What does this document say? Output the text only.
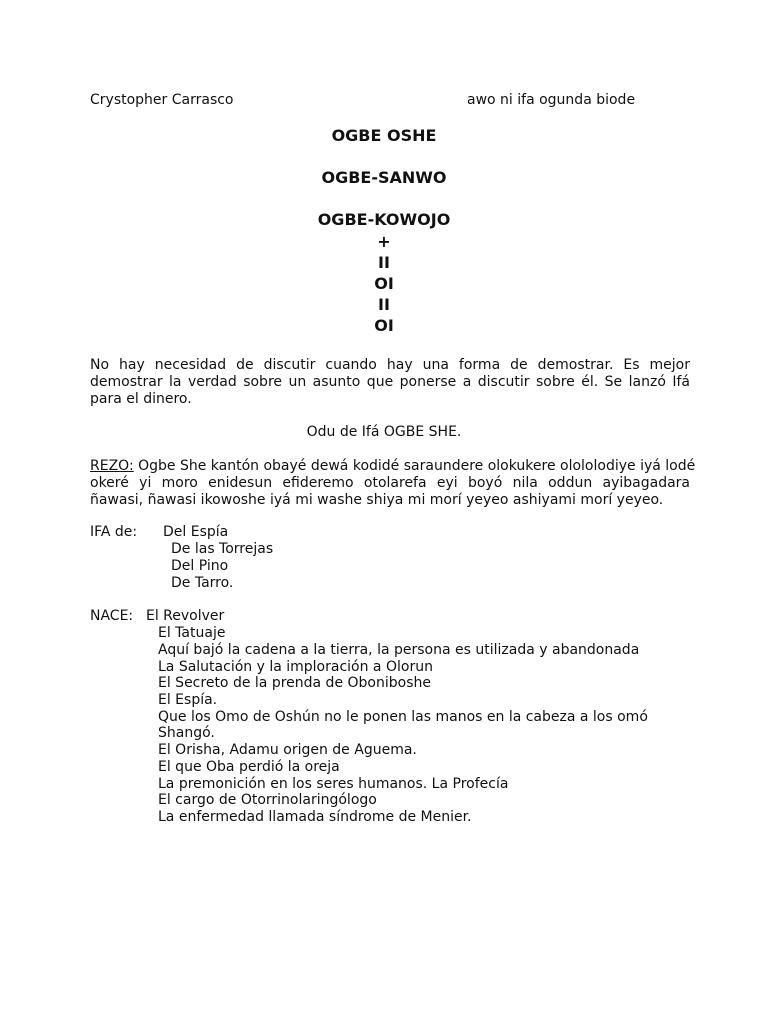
Crystopher Carrasco	awo ni ifa ogunda biode
OGBE OSHE
OGBE-SANWO
OGBE-KOWOJO
+
II
OI
II
OI
No hay necesidad de discutir cuando hay una forma de demostrar. Es mejor
demostrar la verdad sobre un asunto que ponerse a discutir sobre él. Se lanzó Ifá
para el dinero.
Odu de Ifá OGBE SHE.
REZO: Ogbe She kantón obayé dewá kodidé saraundere olokukere olololodiye iyá lodé
okeré yi moro enidesun efideremo otolarefa eyi boyó nila oddun ayibagadara
ñawasi, ñawasi ikowoshe iyá mi washe shiya mi morí yeyeo ashiyami morí yeyeo.
IFA de: Del Espía
De las Torrejas
Del Pino
De Tarro.
NACE: El Revolver
El Tatuaje
Aquí bajó la cadena a la tierra, la persona es utilizada y abandonada
La Salutación y la imploración a Olorun
El Secreto de la prenda de Oboniboshe
El Espía.
Que los Omo de Oshún no le ponen las manos en la cabeza a los omó
Shangó.
El Orisha, Adamu origen de Aguema.
El que Oba perdió la oreja
La premonición en los seres humanos. La Profecía
El cargo de Otorrinolaringólogo
La enfermedad llamada síndrome de Menier.
